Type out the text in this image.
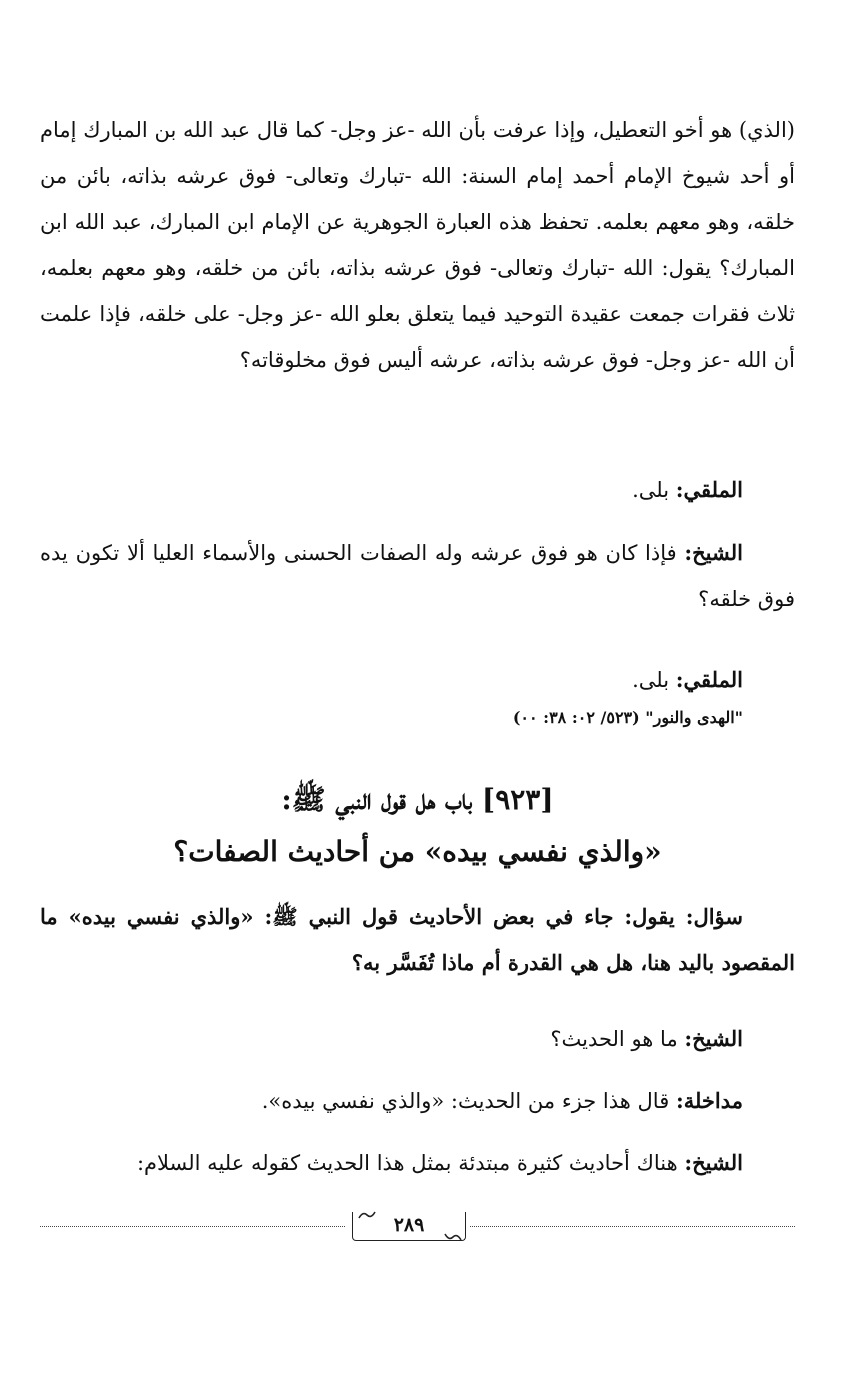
(الذي) هو أخو التعطيل، وإذا عرفت بأن الله -عز وجل- كما قال عبد الله بن المبارك إمام أو أحد شيوخ الإمام أحمد إمام السنة: الله -تبارك وتعالى- فوق عرشه بذاته، بائن من خلقه، وهو معهم بعلمه. تحفظ هذه العبارة الجوهرية عن الإمام ابن المبارك، عبد الله ابن المبارك؟ يقول: الله -تبارك وتعالى- فوق عرشه بذاته، بائن من خلقه، وهو معهم بعلمه، ثلاث فقرات جمعت عقيدة التوحيد فيما يتعلق بعلو الله -عز وجل- على خلقه، فإذا علمت أن الله -عز وجل- فوق عرشه بذاته، عرشه أليس فوق مخلوقاته؟
الملقي: بلى.
الشيخ: فإذا كان هو فوق عرشه وله الصفات الحسنى والأسماء العليا ألا تكون يده فوق خلقه؟
الملقي: بلى.
"الهدى والنور" (٥٢٣/ ٠٢: ٣٨: ٠٠)
[٩٢٣] باب هل قول النبي ﷺ:
«والذي نفسي بيده» من أحاديث الصفات؟
سؤال: يقول: جاء في بعض الأحاديث قول النبي ﷺ: «والذي نفسي بيده» ما المقصود باليد هنا، هل هي القدرة أم ماذا تُفَسَّر به؟
الشيخ: ما هو الحديث؟
مداخلة: قال هذا جزء من الحديث: «والذي نفسي بيده».
الشيخ: هناك أحاديث كثيرة مبتدئة بمثل هذا الحديث كقوله عليه السلام:
٢٨٩
